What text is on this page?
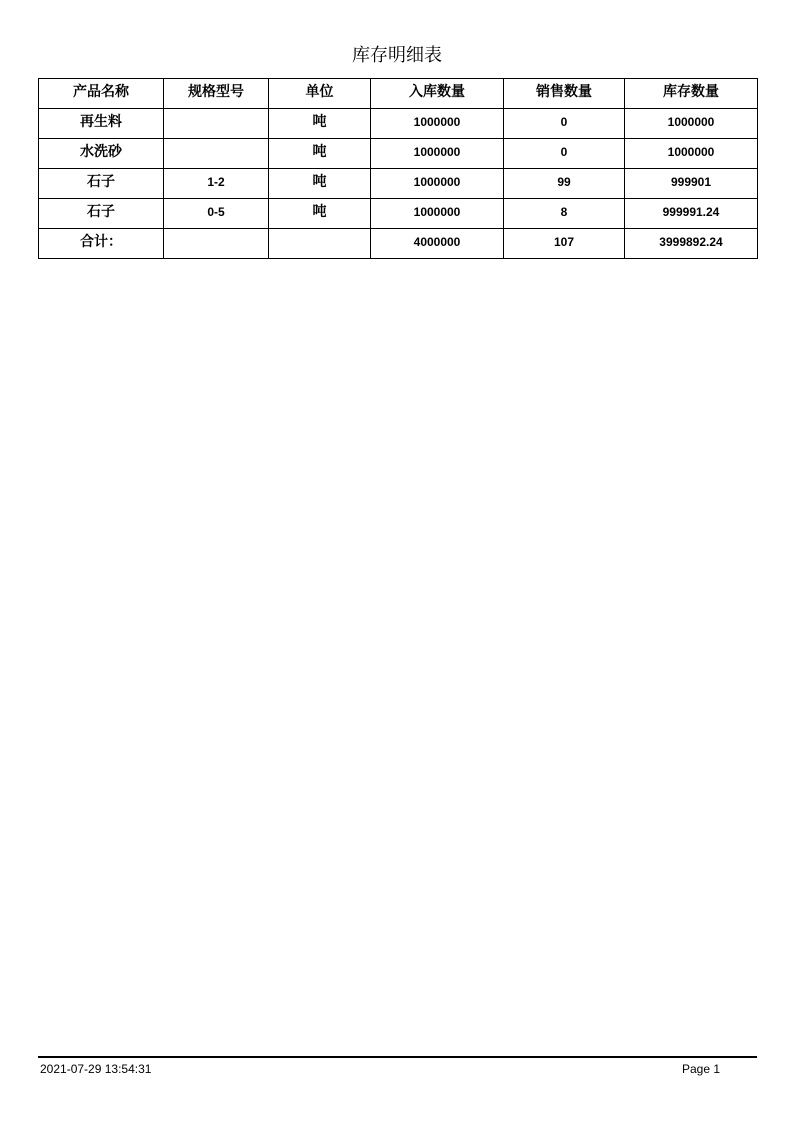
库存明细表
产品名称	规格型号	单位	入库数量	销售数量	库存数量
再生料		吨	1000000	0	1000000
水洗砂		吨	1000000	0	1000000
石子	1-2	吨	1000000	99	999901
石子	0-5	吨	1000000	8	999991.24
合计：			4000000	107	3999892.24
2021-07-29 13:54:31	Page 1
